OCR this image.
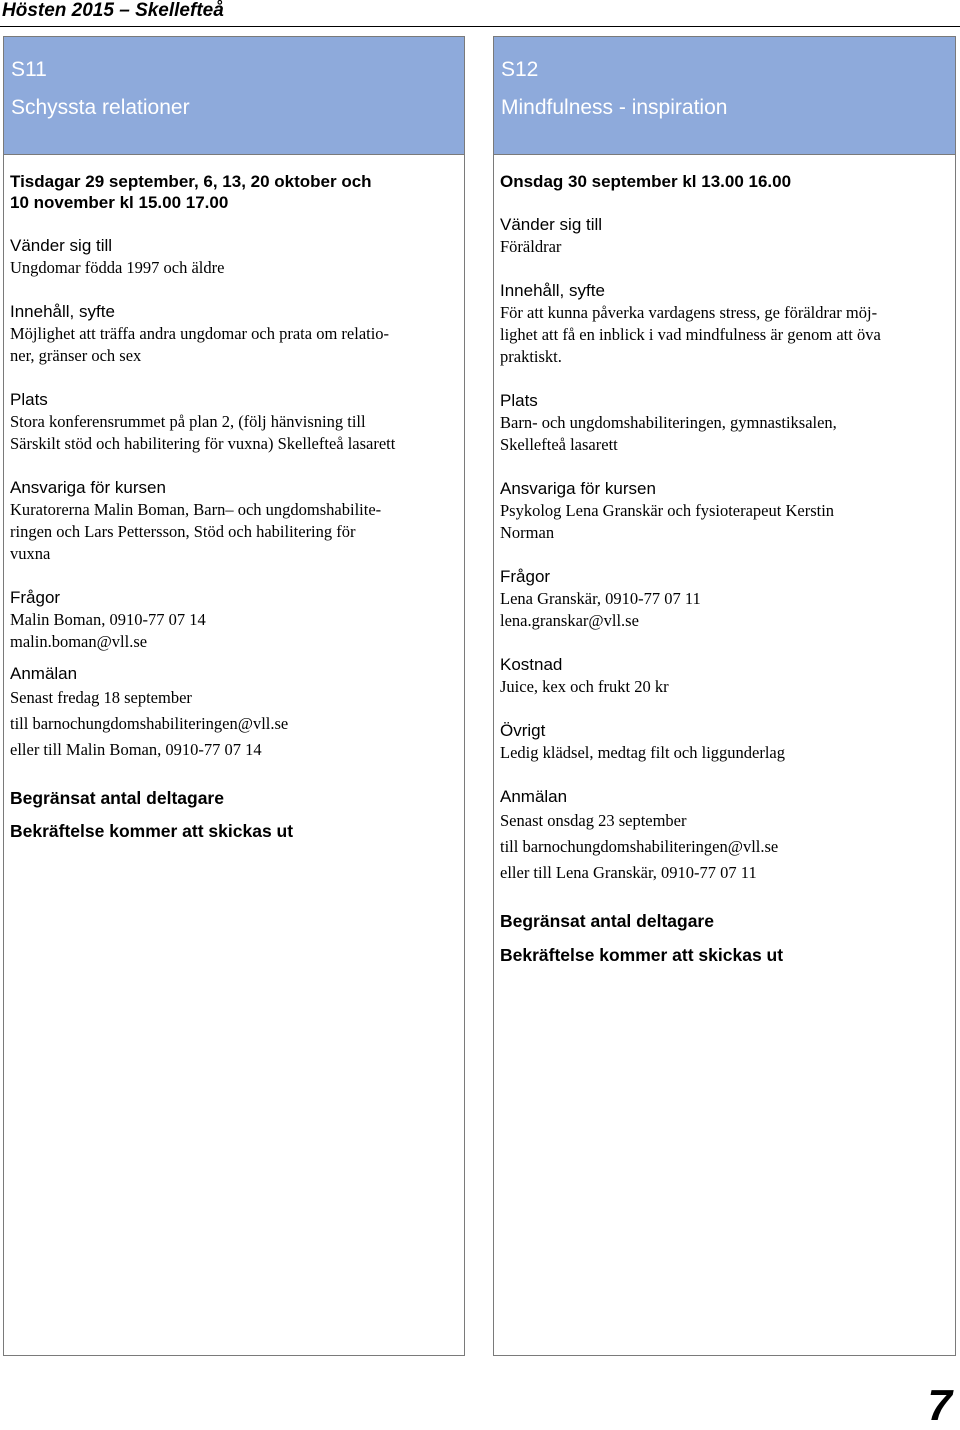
Hösten 2015 – Skellefteå
S11
Schyssta relationer
Tisdagar 29 september, 6, 13, 20 oktober och
10 november kl 15.00 17.00
Vänder sig till
Ungdomar födda 1997 och äldre
Innehåll, syfte
Möjlighet att träffa andra ungdomar och prata om relatio-
ner, gränser och sex
Plats
Stora konferensrummet på plan 2, (följ hänvisning till
Särskilt stöd och habilitering för vuxna) Skellefteå lasarett
Ansvariga för kursen
Kuratorerna Malin Boman, Barn– och ungdomshabilite-
ringen och Lars Pettersson, Stöd och habilitering för
vuxna
Frågor
Malin Boman, 0910-77 07 14
malin.boman@vll.se
Anmälan
Senast fredag 18 september
till barnochungdomshabiliteringen@vll.se
eller till Malin Boman, 0910-77 07 14
Begränsat antal deltagare
Bekräftelse kommer att skickas ut
S12
Mindfulness - inspiration
Onsdag 30 september kl 13.00 16.00
Vänder sig till
Föräldrar
Innehåll, syfte
För att kunna påverka vardagens stress, ge föräldrar möj-
lighet att få en inblick i vad mindfulness är genom att öva
praktiskt.
Plats
Barn- och ungdomshabiliteringen, gymnastiksalen,
Skellefteå lasarett
Ansvariga för kursen
Psykolog Lena Granskär och fysioterapeut Kerstin
Norman
Frågor
Lena Granskär, 0910-77 07 11
lena.granskar@vll.se
Kostnad
Juice, kex och frukt 20 kr
Övrigt
Ledig klädsel, medtag filt och liggunderlag
Anmälan
Senast onsdag 23 september
till barnochungdomshabiliteringen@vll.se
eller till Lena Granskär, 0910-77 07 11
Begränsat antal deltagare
Bekräftelse kommer att skickas ut
7
